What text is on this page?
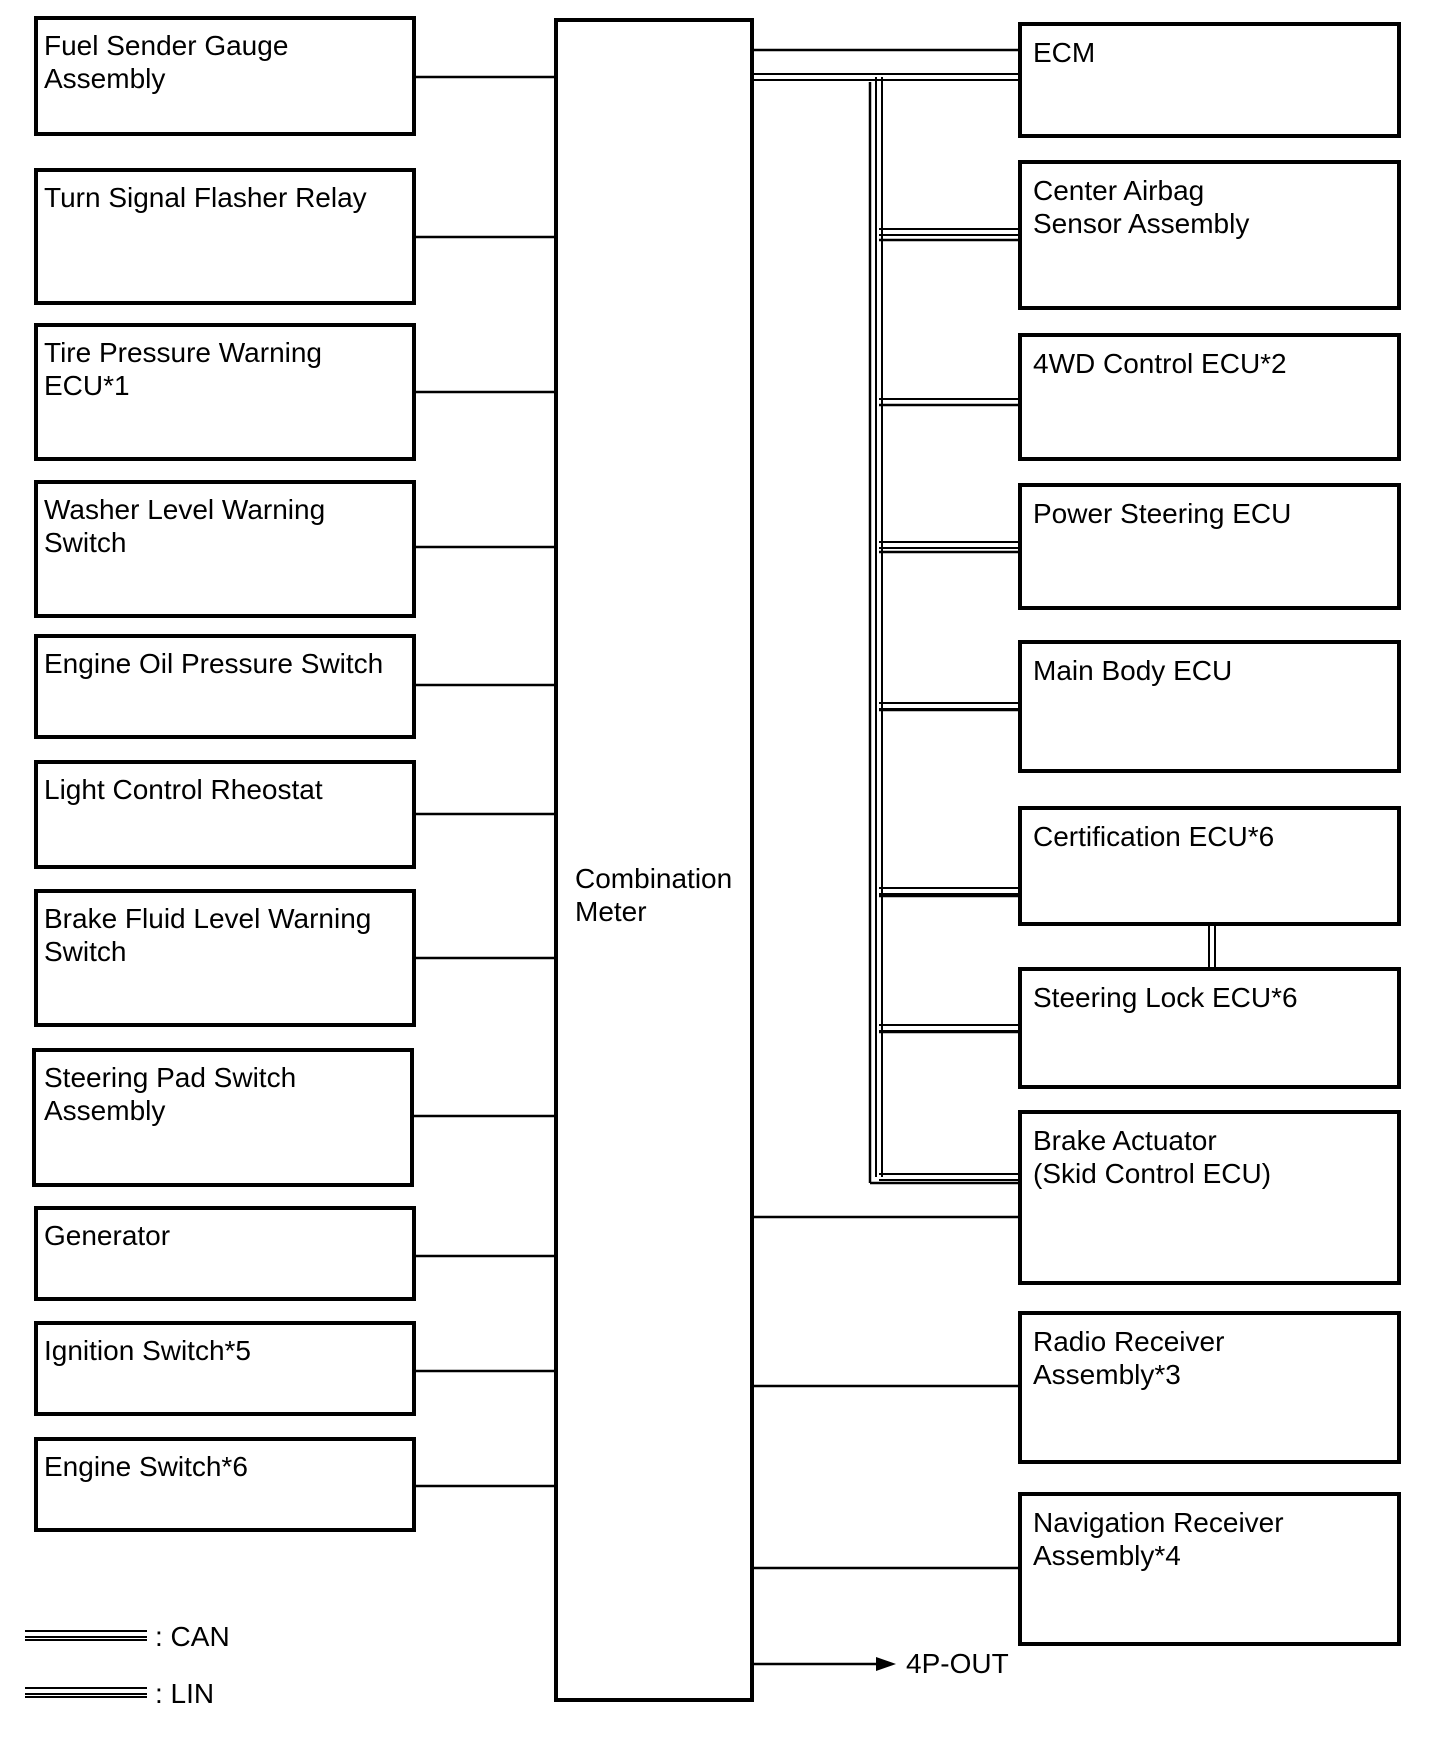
Fuel Sender Gauge Assembly
Turn Signal Flasher Relay
Tire Pressure Warning ECU*1
Washer Level Warning Switch
Engine Oil Pressure Switch
Light Control Rheostat
Brake Fluid Level Warning Switch
Steering Pad Switch Assembly
Generator
Ignition Switch*5
Engine Switch*6
Combination Meter
ECM
Center Airbag Sensor Assembly
4WD Control ECU*2
Power Steering ECU
Main Body ECU
Certification ECU*6
Steering Lock ECU*6
Brake Actuator (Skid Control ECU)
Radio Receiver Assembly*3
Navigation Receiver Assembly*4
4P-OUT
: CAN
: LIN
